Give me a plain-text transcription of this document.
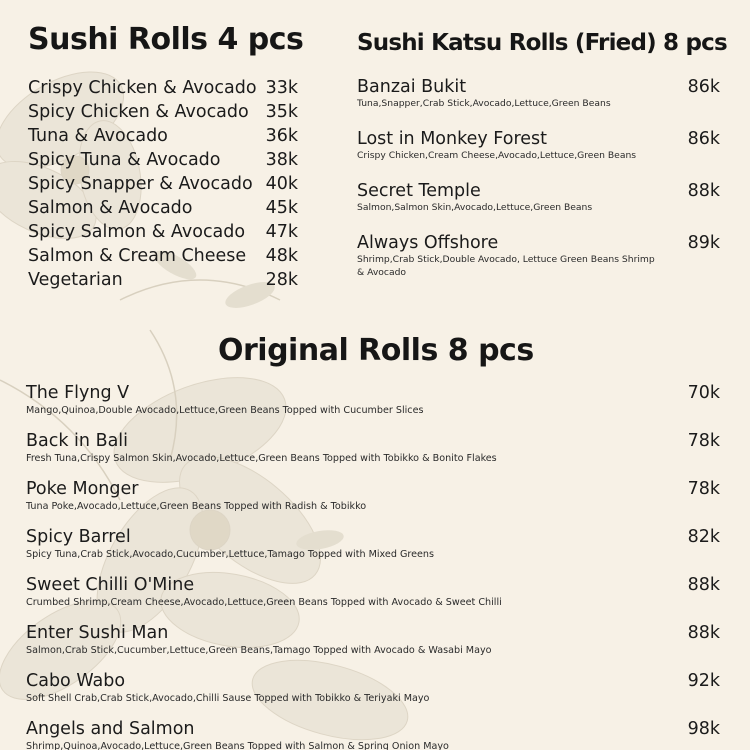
Sushi Rolls 4 pcs
Crispy Chicken & Avocado 33k
Spicy Chicken & Avocado 35k
Tuna & Avocado	36k
Spicy Tuna & Avocado	38k
Spicy Snapper & Avocado 40k
Salmon & Avocado	45k
Spicy Salmon & Avocado 47k
Salmon & Cream Cheese 48k
Vegetarian	28k
Sushi Katsu Rolls (Fried) 8 pcs
Banzai Bukit	86k
Tuna,Snapper,Crab Stick,Avocado,Lettuce,Green Beans
Lost in Monkey Forest	86k
Crispy Chicken,Cream Cheese,Avocado,Lettuce,Green Beans
Secret Temple	88k
Salmon,Salmon Skin,Avocado,Lettuce,Green Beans
Always Offshore	89k
Shrimp,Crab Stick,Double Avocado, Lettuce Green Beans Shrimp & Avocado
Original Rolls 8 pcs
The Flyng V	70k
Mango,Quinoa,Double Avocado,Lettuce,Green Beans Topped with Cucumber Slices
Back in Bali	78k
Fresh Tuna,Crispy Salmon Skin,Avocado,Lettuce,Green Beans Topped with Tobikko & Bonito Flakes
Poke Monger	78k
Tuna Poke,Avocado,Lettuce,Green Beans Topped with Radish & Tobikko
Spicy Barrel	82k
Spicy Tuna,Crab Stick,Avocado,Cucumber,Lettuce,Tamago Topped with Mixed Greens
Sweet Chilli O'Mine	88k
Crumbed Shrimp,Cream Cheese,Avocado,Lettuce,Green Beans Topped with Avocado & Sweet Chilli
Enter Sushi Man	88k
Salmon,Crab Stick,Cucumber,Lettuce,Green Beans,Tamago Topped with Avocado & Wasabi Mayo
Cabo Wabo	92k
Soft Shell Crab,Crab Stick,Avocado,Chilli Sause Topped with Tobikko & Teriyaki Mayo
Angels and Salmon	98k
Shrimp,Quinoa,Avocado,Lettuce,Green Beans Topped with Salmon & Spring Onion Mayo
